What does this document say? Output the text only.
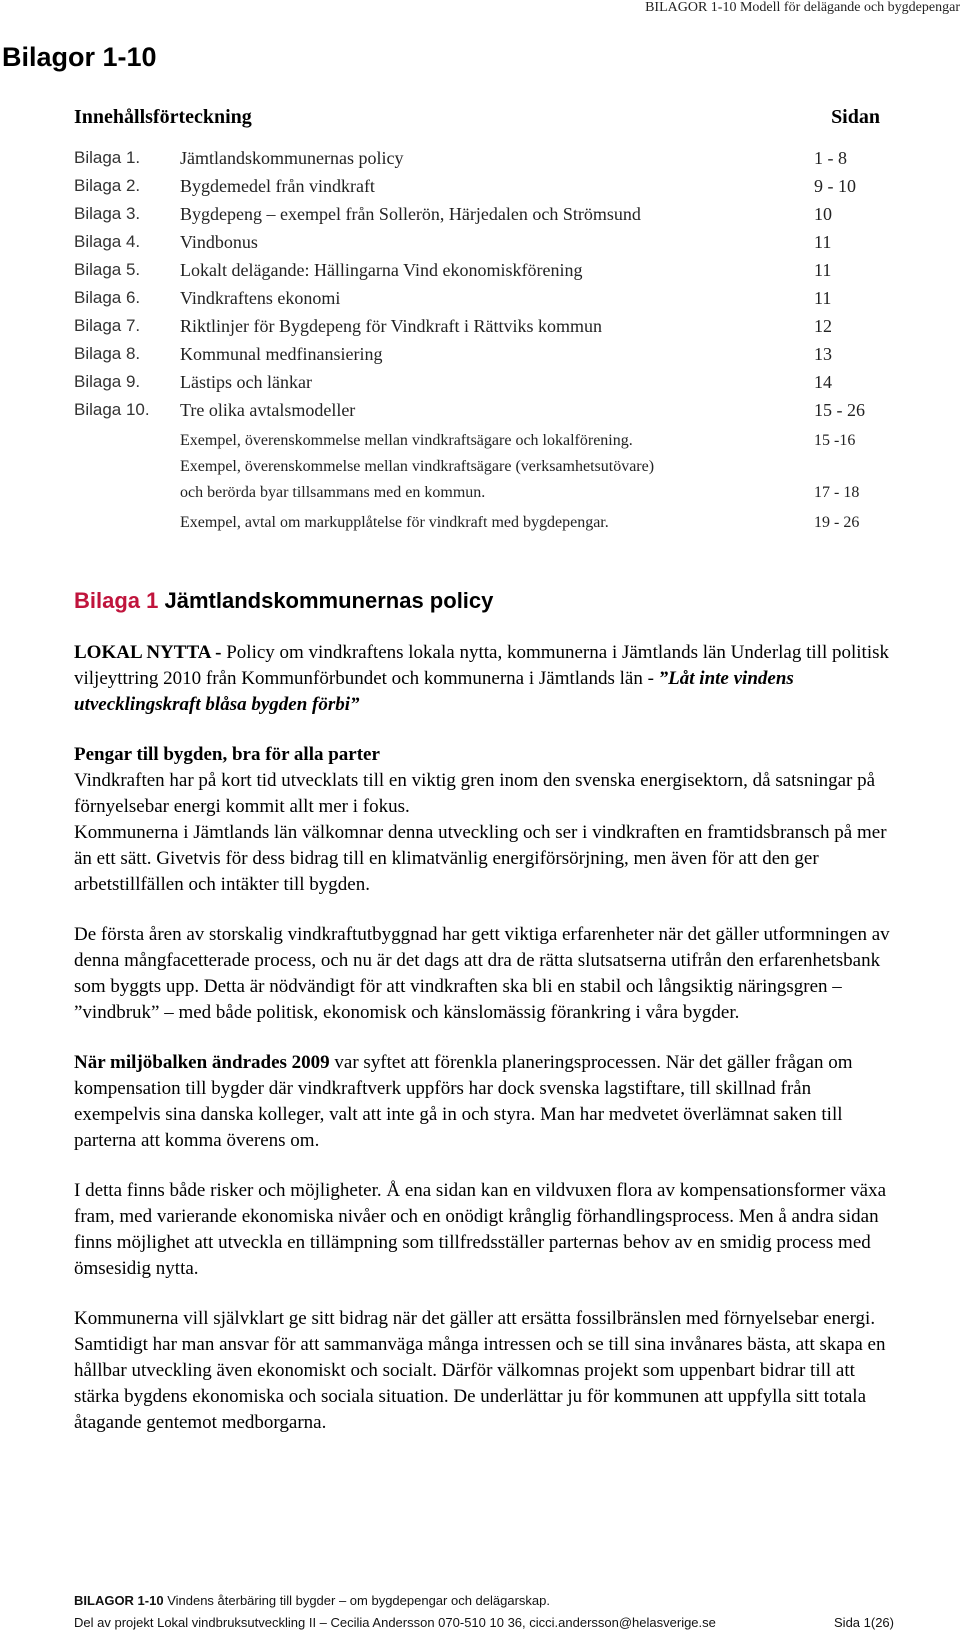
BILAGOR 1-10 Modell för delägande och bygdepengar
Bilagor 1-10
Innehållsförteckning	Sidan
Bilaga 1. Jämtlandskommunernas policy	1 - 8
Bilaga 2. Bygdemedel från vindkraft	9 - 10
Bilaga 3. Bygdepeng – exempel från Sollerön, Härjedalen och Strömsund	10
Bilaga 4. Vindbonus	11
Bilaga 5. Lokalt delägande: Hällingarna Vind ekonomiskförening	11
Bilaga 6. Vindkraftens ekonomi	11
Bilaga 7. Riktlinjer för Bygdepeng för Vindkraft i Rättviks kommun	12
Bilaga 8. Kommunal medfinansiering	13
Bilaga 9. Lästips och länkar	14
Bilaga 10. Tre olika avtalsmodeller	15 - 26
Exempel, överenskommelse mellan vindkraftsägare och lokalförening.	15 -16
Exempel, överenskommelse mellan vindkraftsägare (verksamhetsutövare)
och berörda byar tillsammans med en kommun.	17 - 18
Exempel, avtal om markupplåtelse för vindkraft med bygdepengar.	19 - 26
Bilaga 1 Jämtlandskommunernas policy

LOKAL NYTTA - Policy om vindkraftens lokala nytta, kommunerna i Jämtlands län Underlag till politisk viljeyttring 2010 från Kommunförbundet och kommunerna i Jämtlands län - ”Låt inte vindens utvecklingskraft blåsa bygden förbi”

Pengar till bygden, bra för alla parter

Vindkraften har på kort tid utvecklats till en viktig gren inom den svenska energisektorn, då satsningar på förnyelsebar energi kommit allt mer i fokus.

Kommunerna i Jämtlands län välkomnar denna utveckling och ser i vindkraften en framtidsbransch på mer än ett sätt. Givetvis för dess bidrag till en klimatvänlig energiförsörjning, men även för att den ger arbetstillfällen och intäkter till bygden.

De första åren av storskalig vindkraftutbyggnad har gett viktiga erfarenheter när det gäller utformningen av denna mångfacetterade process, och nu är det dags att dra de rätta slutsatserna utifrån den erfarenhetsbank som byggts upp. Detta är nödvändigt för att vindkraften ska bli en stabil och långsiktig näringsgren – ”vindbruk” – med både politisk, ekonomisk och känslomässig förankring i våra bygder.

När miljöbalken ändrades 2009 var syftet att förenkla planeringsprocessen. När det gäller frågan om kompensation till bygder där vindkraftverk uppförs har dock svenska lagstiftare, till skillnad från exempelvis sina danska kolleger, valt att inte gå in och styra. Man har medvetet överlämnat saken till parterna att komma överens om.

I detta finns både risker och möjligheter. Å ena sidan kan en vildvuxen flora av kompensationsformer växa fram, med varierande ekonomiska nivåer och en onödigt krånglig förhandlingsprocess. Men å andra sidan finns möjlighet att utveckla en tillämpning som tillfredsställer parternas behov av en smidig process med ömsesidig nytta.

Kommunerna vill självklart ge sitt bidrag när det gäller att ersätta fossilbränslen med förnyelsebar energi. Samtidigt har man ansvar för att sammanväga många intressen och se till sina invånares bästa, att skapa en hållbar utveckling även ekonomiskt och socialt. Därför välkomnas projekt som uppenbart bidrar till att stärka bygdens ekonomiska och sociala situation. De underlättar ju för kommunen att uppfylla sitt totala åtagande gentemot medborgarna.

BILAGOR 1-10 Vindens återbäring till bygder – om bygdepengar och delägarskap.
Del av projekt Lokal vindbruksutveckling II – Cecilia Andersson 070-510 10 36, cicci.andersson@helasverige.se	Sida 1(26)
